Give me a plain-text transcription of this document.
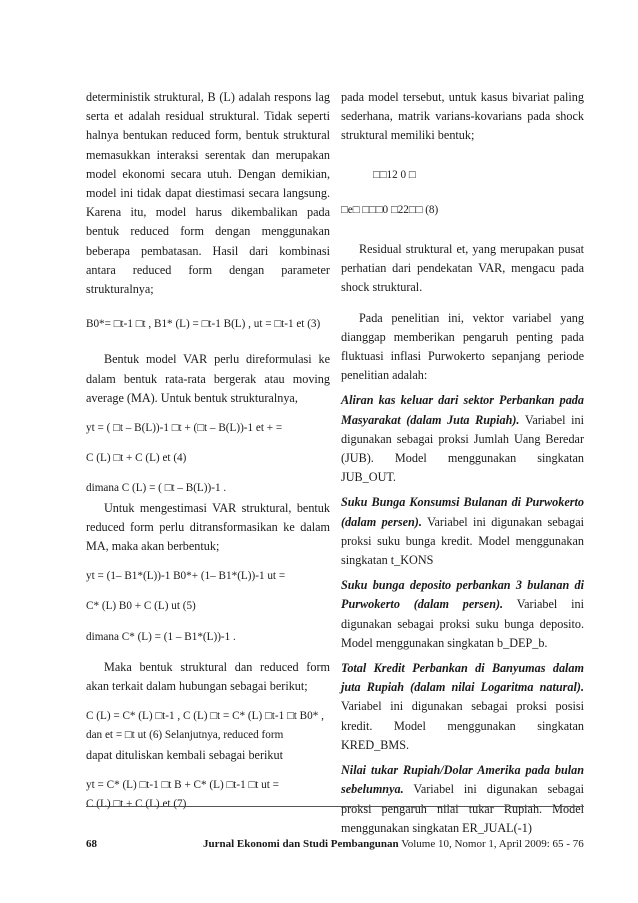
deterministik struktural, B (L) adalah respons lag serta et adalah residual struktural. Tidak seperti halnya bentukan reduced form, bentuk struktural memasukkan interaksi serentak dan merupakan model ekonomi secara utuh. Dengan demikian, model ini tidak dapat diestimasi secara langsung. Karena itu, model harus dikembalikan pada bentuk reduced form dengan menggunakan beberapa pembatasan. Hasil dari kombinasi antara reduced form dengan parameter strukturalnya;

B0*= □t-1 □t , B1* (L) = □t-1 B(L) , ut = □t-1 et (3)

Bentuk model VAR perlu direformulasi ke dalam bentuk rata-rata bergerak atau moving average (MA). Untuk bentuk strukturalnya,

yt = ( □t – B(L))-1 □t + (□t – B(L))-1 et + =

C (L) □t + C (L) et (4)

dimana C (L) = ( □t – B(L))-1 .

Untuk mengestimasi VAR struktural, bentuk reduced form perlu ditransformasikan ke dalam MA, maka akan berbentuk;

yt = (1– B1*(L))-1 B0*+ (1– B1*(L))-1 ut =

C* (L) B0 + C (L) ut (5)

dimana C* (L) = (1 – B1*(L))-1 .

Maka bentuk struktural dan reduced form akan terkait dalam hubungan sebagai berikut;

C (L) = C* (L) □t-1 , C (L) □t = C* (L) □t-1 □t B0* ,

dan et = □t ut (6) Selanjutnya, reduced form

dapat dituliskan kembali sebagai berikut

yt = C* (L) □t-1 □t B + C* (L) □t-1 □t ut =

C (L) □t + C (L) et (7)

pada model tersebut, untuk kasus bivariat paling sederhana, matrik varians-kovarians pada shock struktural memiliki bentuk;

□□12 0 □

□e□ □□□0 □22□□ (8)

Residual struktural et, yang merupakan pusat perhatian dari pendekatan VAR, mengacu pada shock struktural.

Pada penelitian ini, vektor variabel yang dianggap memberikan pengaruh penting pada fluktuasi inflasi Purwokerto sepanjang periode penelitian adalah:

Aliran kas keluar dari sektor Perbankan pada Masyarakat (dalam Juta Rupiah). Variabel ini digunakan sebagai proksi Jumlah Uang Beredar (JUB). Model menggunakan singkatan JUB_OUT.

Suku Bunga Konsumsi Bulanan di Purwokerto (dalam persen). Variabel ini digunakan sebagai proksi suku bunga kredit. Model menggunakan singkatan t_KONS

Suku bunga deposito perbankan 3 bulanan di Purwokerto (dalam persen). Variabel ini digunakan sebagai proksi suku bunga deposito. Model menggunakan singkatan b_DEP_b.

Total Kredit Perbankan di Banyumas dalam juta Rupiah (dalam nilai Logaritma natural). Variabel ini digunakan sebagai proksi posisi kredit. Model menggunakan singkatan KRED_BMS.

Nilai tukar Rupiah/Dolar Amerika pada bulan sebelumnya. Variabel ini digunakan sebagai proksi pengaruh nilai tukar Rupiah. Model menggunakan singkatan ER_JUAL(-1)

68	Jurnal Ekonomi dan Studi Pembangunan Volume 10, Nomor 1, April 2009: 65 - 76
